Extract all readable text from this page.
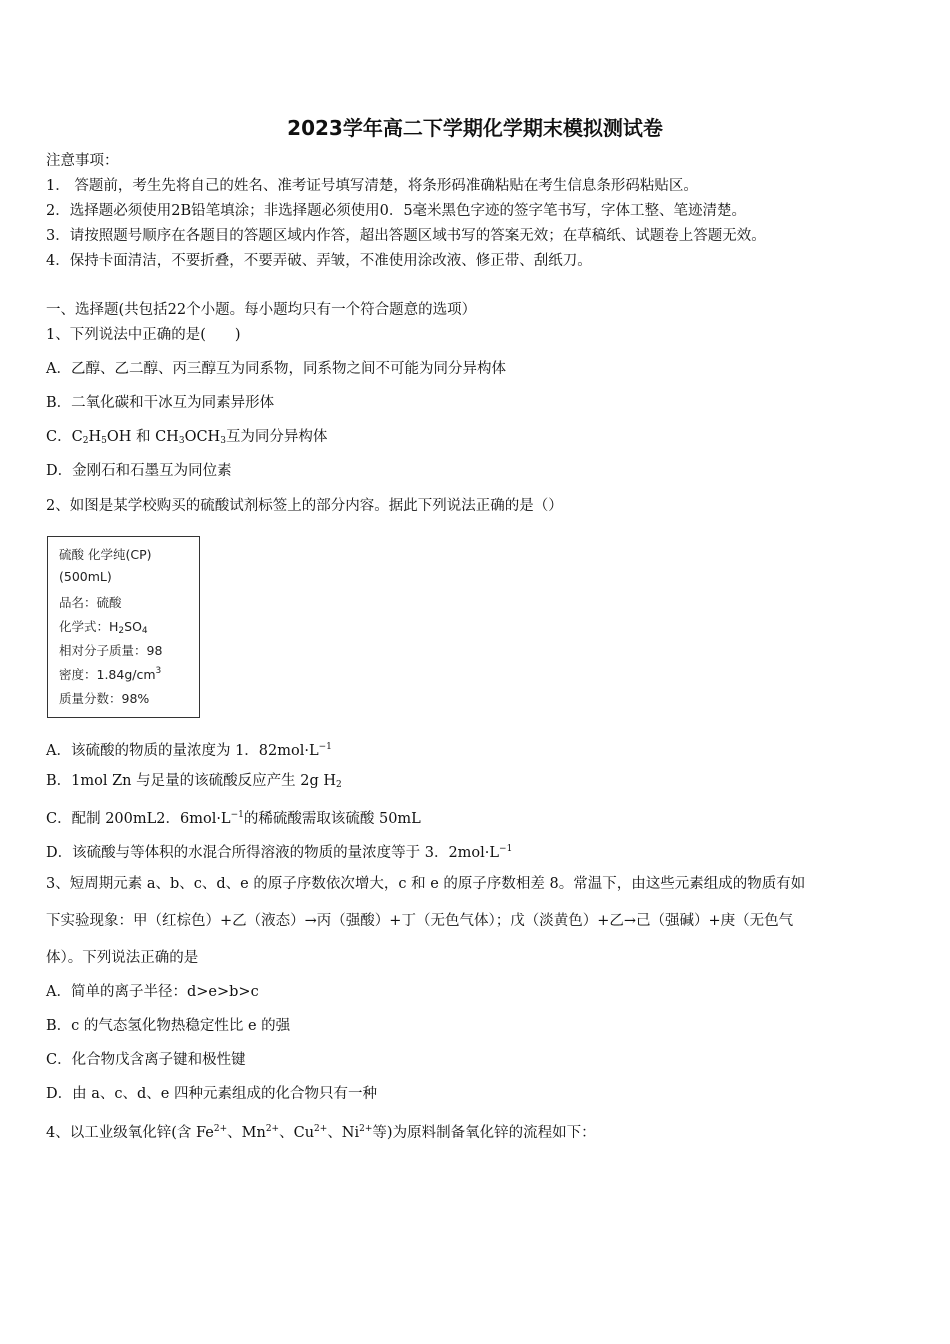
2023学年高二下学期化学期末模拟测试卷
注意事项：
1． 答题前，考生先将自己的姓名、准考证号填写清楚，将条形码准确粘贴在考生信息条形码粘贴区。
2．选择题必须使用2B铅笔填涂；非选择题必须使用0．5毫米黑色字迹的签字笔书写，字体工整、笔迹清楚。
3．请按照题号顺序在各题目的答题区域内作答，超出答题区域书写的答案无效；在草稿纸、试题卷上答题无效。
4．保持卡面清洁，不要折叠，不要弄破、弄皱，不准使用涂改液、修正带、刮纸刀。
一、选择题(共包括22个小题。每小题均只有一个符合题意的选项）
1、下列说法中正确的是(　　)
A．乙醇、乙二醇、丙三醇互为同系物，同系物之间不可能为同分异构体
B．二氧化碳和干冰互为同素异形体
C．$C_2H_5OH$ 和 $CH_3OCH_3$互为同分异构体
D．金刚石和石墨互为同位素
2、如图是某学校购买的硫酸试剂标签上的部分内容。据此下列说法正确的是（）
硫酸 化学纯(CP)
(500mL)
品名：硫酸
化学式：$H_2SO_4$
相对分子质量：98
密度：$1.84g/cm^3$
质量分数：98%
A．该硫酸的物质的量浓度为 1．$82mol\cdot L^{-1}$
B．1mol Zn 与足量的该硫酸反应产生 2g $H_2$
C．配制 200mL2．$6mol\cdot L^{-1}$的稀硫酸需取该硫酸 50mL
D．该硫酸与等体积的水混合所得溶液的物质的量浓度等于 3．$2mol\cdot L^{-1}$
3、短周期元素 a、b、c、d、e 的原子序数依次增大，c 和 e 的原子序数相差 8。常温下，由这些元素组成的物质有如
下实验现象：甲（红棕色）+乙（液态）→丙（强酸）+丁（无色气体）；戊（淡黄色）+乙→己（强碱）+庚（无色气
体）。下列说法正确的是
A．简单的离子半径：d>e>b>c
B．c 的气态氢化物热稳定性比 e 的强
C．化合物戊含离子键和极性键
D．由 a、c、d、e 四种元素组成的化合物只有一种
4、以工业级氧化锌(含 $Fe^{2+}$、$Mn^{2+}$、$Cu^{2+}$、$Ni^{2+}$等)为原料制备氧化锌的流程如下：
